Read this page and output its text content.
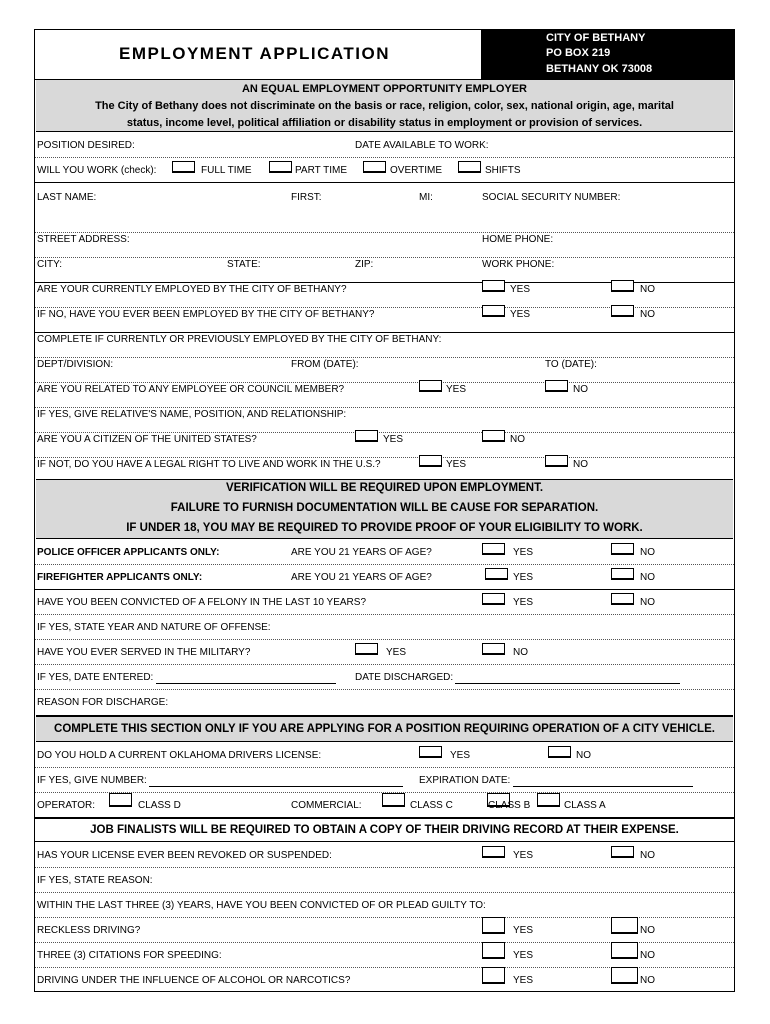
EMPLOYMENT APPLICATION
CITY OF BETHANY
PO BOX 219
BETHANY OK 73008
AN EQUAL EMPLOYMENT OPPORTUNITY EMPLOYER
The City of Bethany does not discriminate on the basis or race, religion, color, sex, national origin, age, marital
status, income level, political affiliation or disability status in employment or provision of services.
POSITION DESIRED:	DATE AVAILABLE TO WORK:
WILL YOU WORK (check):	FULL TIME	PART TIME	OVERTIME	SHIFTS
LAST NAME:	FIRST:	MI:	SOCIAL SECURITY NUMBER:
STREET ADDRESS:	HOME PHONE:
CITY:	STATE:	ZIP:	WORK PHONE:
ARE YOUR CURRENTLY EMPLOYED BY THE CITY OF BETHANY?	YES	NO
IF NO, HAVE YOU EVER BEEN EMPLOYED BY THE CITY OF BETHANY?	YES	NO
COMPLETE IF CURRENTLY OR PREVIOUSLY EMPLOYED BY THE CITY OF BETHANY:
DEPT/DIVISION:	FROM (DATE):	TO (DATE):
ARE YOU RELATED TO ANY EMPLOYEE OR COUNCIL MEMBER?	YES	NO
IF YES, GIVE RELATIVE'S NAME, POSITION, AND RELATIONSHIP:
ARE YOU A CITIZEN OF THE UNITED STATES?	YES	NO
IF NOT, DO YOU HAVE A LEGAL RIGHT TO LIVE AND WORK IN THE U.S.?	YES	NO
VERIFICATION WILL BE REQUIRED UPON EMPLOYMENT.
FAILURE TO FURNISH DOCUMENTATION WILL BE CAUSE FOR SEPARATION.
IF UNDER 18, YOU MAY BE REQUIRED TO PROVIDE PROOF OF YOUR ELIGIBILITY TO WORK.
POLICE OFFICER APPLICANTS ONLY:	ARE YOU 21 YEARS OF AGE?	YES	NO
FIREFIGHTER APPLICANTS ONLY:	ARE YOU 21 YEARS OF AGE?	YES	NO
HAVE YOU BEEN CONVICTED OF A FELONY IN THE LAST 10 YEARS?	YES	NO
IF YES, STATE YEAR AND NATURE OF OFFENSE:
HAVE YOU EVER SERVED IN THE MILITARY?	YES	NO
IF YES, DATE ENTERED:	DATE DISCHARGED:
REASON FOR DISCHARGE:
COMPLETE THIS SECTION ONLY IF YOU ARE APPLYING FOR A POSITION REQUIRING OPERATION OF A CITY VEHICLE.
DO YOU HOLD A CURRENT OKLAHOMA DRIVERS LICENSE:	YES	NO
IF YES, GIVE NUMBER:	EXPIRATION DATE:
OPERATOR:	CLASS D	COMMERCIAL:	CLASS C	CLASS B	CLASS A
JOB FINALISTS WILL BE REQUIRED TO OBTAIN A COPY OF THEIR DRIVING RECORD AT THEIR EXPENSE.
HAS YOUR LICENSE EVER BEEN REVOKED OR SUSPENDED:	YES	NO
IF YES, STATE REASON:
WITHIN THE LAST THREE (3) YEARS, HAVE YOU BEEN CONVICTED OF OR PLEAD GUILTY TO:
RECKLESS DRIVING?	YES	NO
THREE (3) CITATIONS FOR SPEEDING:	YES	NO
DRIVING UNDER THE INFLUENCE OF ALCOHOL OR NARCOTICS?	YES	NO
